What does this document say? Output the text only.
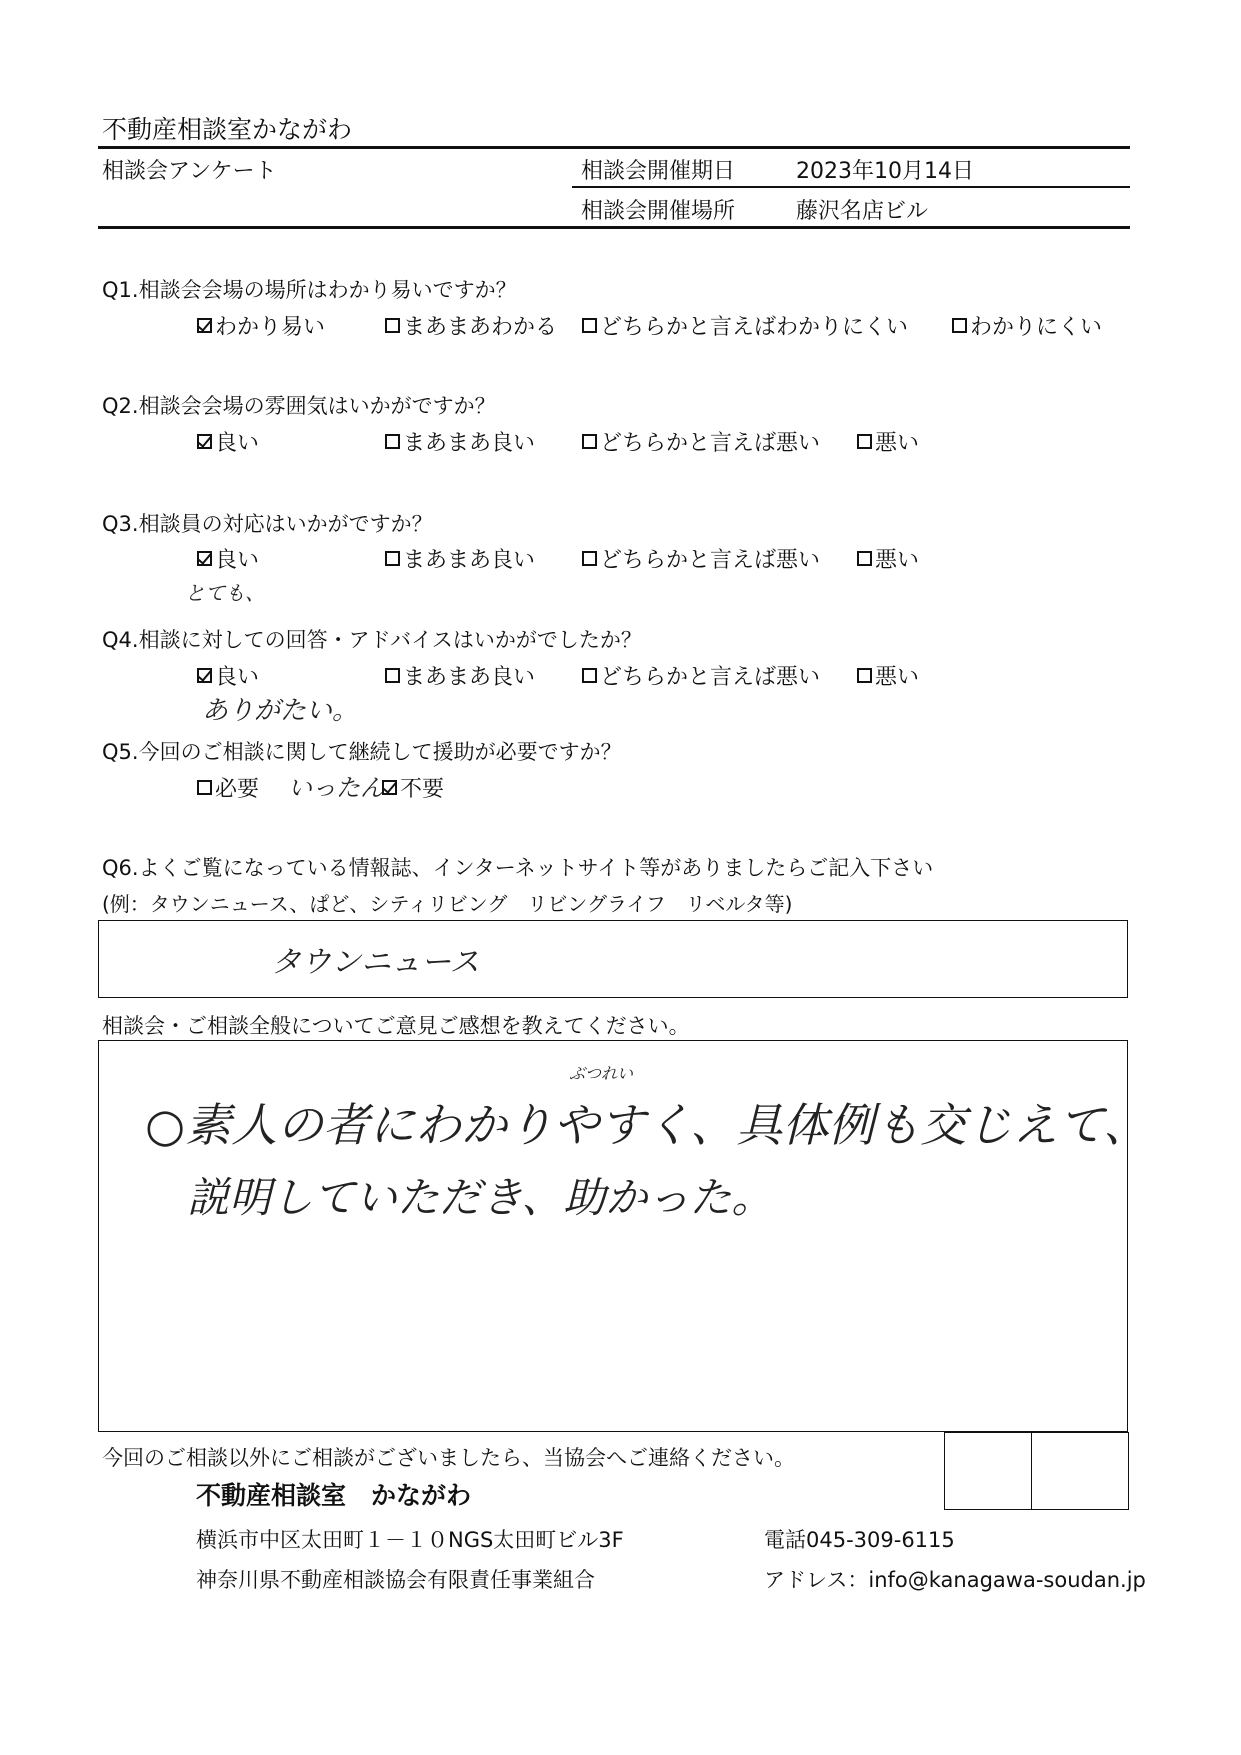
不動産相談室かながわ
相談会アンケート	相談会開催期日	2023年10月14日
相談会開催場所	藤沢名店ビル
Q1.相談会会場の場所はわかり易いですか？
わかり易い	まあまあわかる どちらかと言えばわかりにくい	わかりにくい
Q2.相談会会場の雰囲気はいかがですか？
良い	まあまあ良い	どちらかと言えば悪い 悪い
Q3.相談員の対応はいかがですか？
良い	まあまあ良い	どちらかと言えば悪い 悪い
とても、
Q4.相談に対しての回答・アドバイスはいかがでしたか？
良い	まあまあ良い	どちらかと言えば悪い 悪い
ありがたい。
Q5.今回のご相談に関して継続して援助が必要ですか？
必要	不要
いったん
Q6.よくご覧になっている情報誌、インターネットサイト等がありましたらご記入下さい
(例：タウンニュース、ぱど、シティリビング　リビングライフ　リベルタ等)
タウンニュース
相談会・ご相談全般についてご意見ご感想を教えてください。
ぶつれい
○素人の者にわかりやすく、具体例も交じえて、
説明していただき、助かった。
今回のご相談以外にご相談がございましたら、当協会へご連絡ください。
不動産相談室　かながわ
横浜市中区太田町１－１０NGS太田町ビル3F	電話045-309-6115
神奈川県不動産相談協会有限責任事業組合	アドレス：info@kanagawa-soudan.jp
